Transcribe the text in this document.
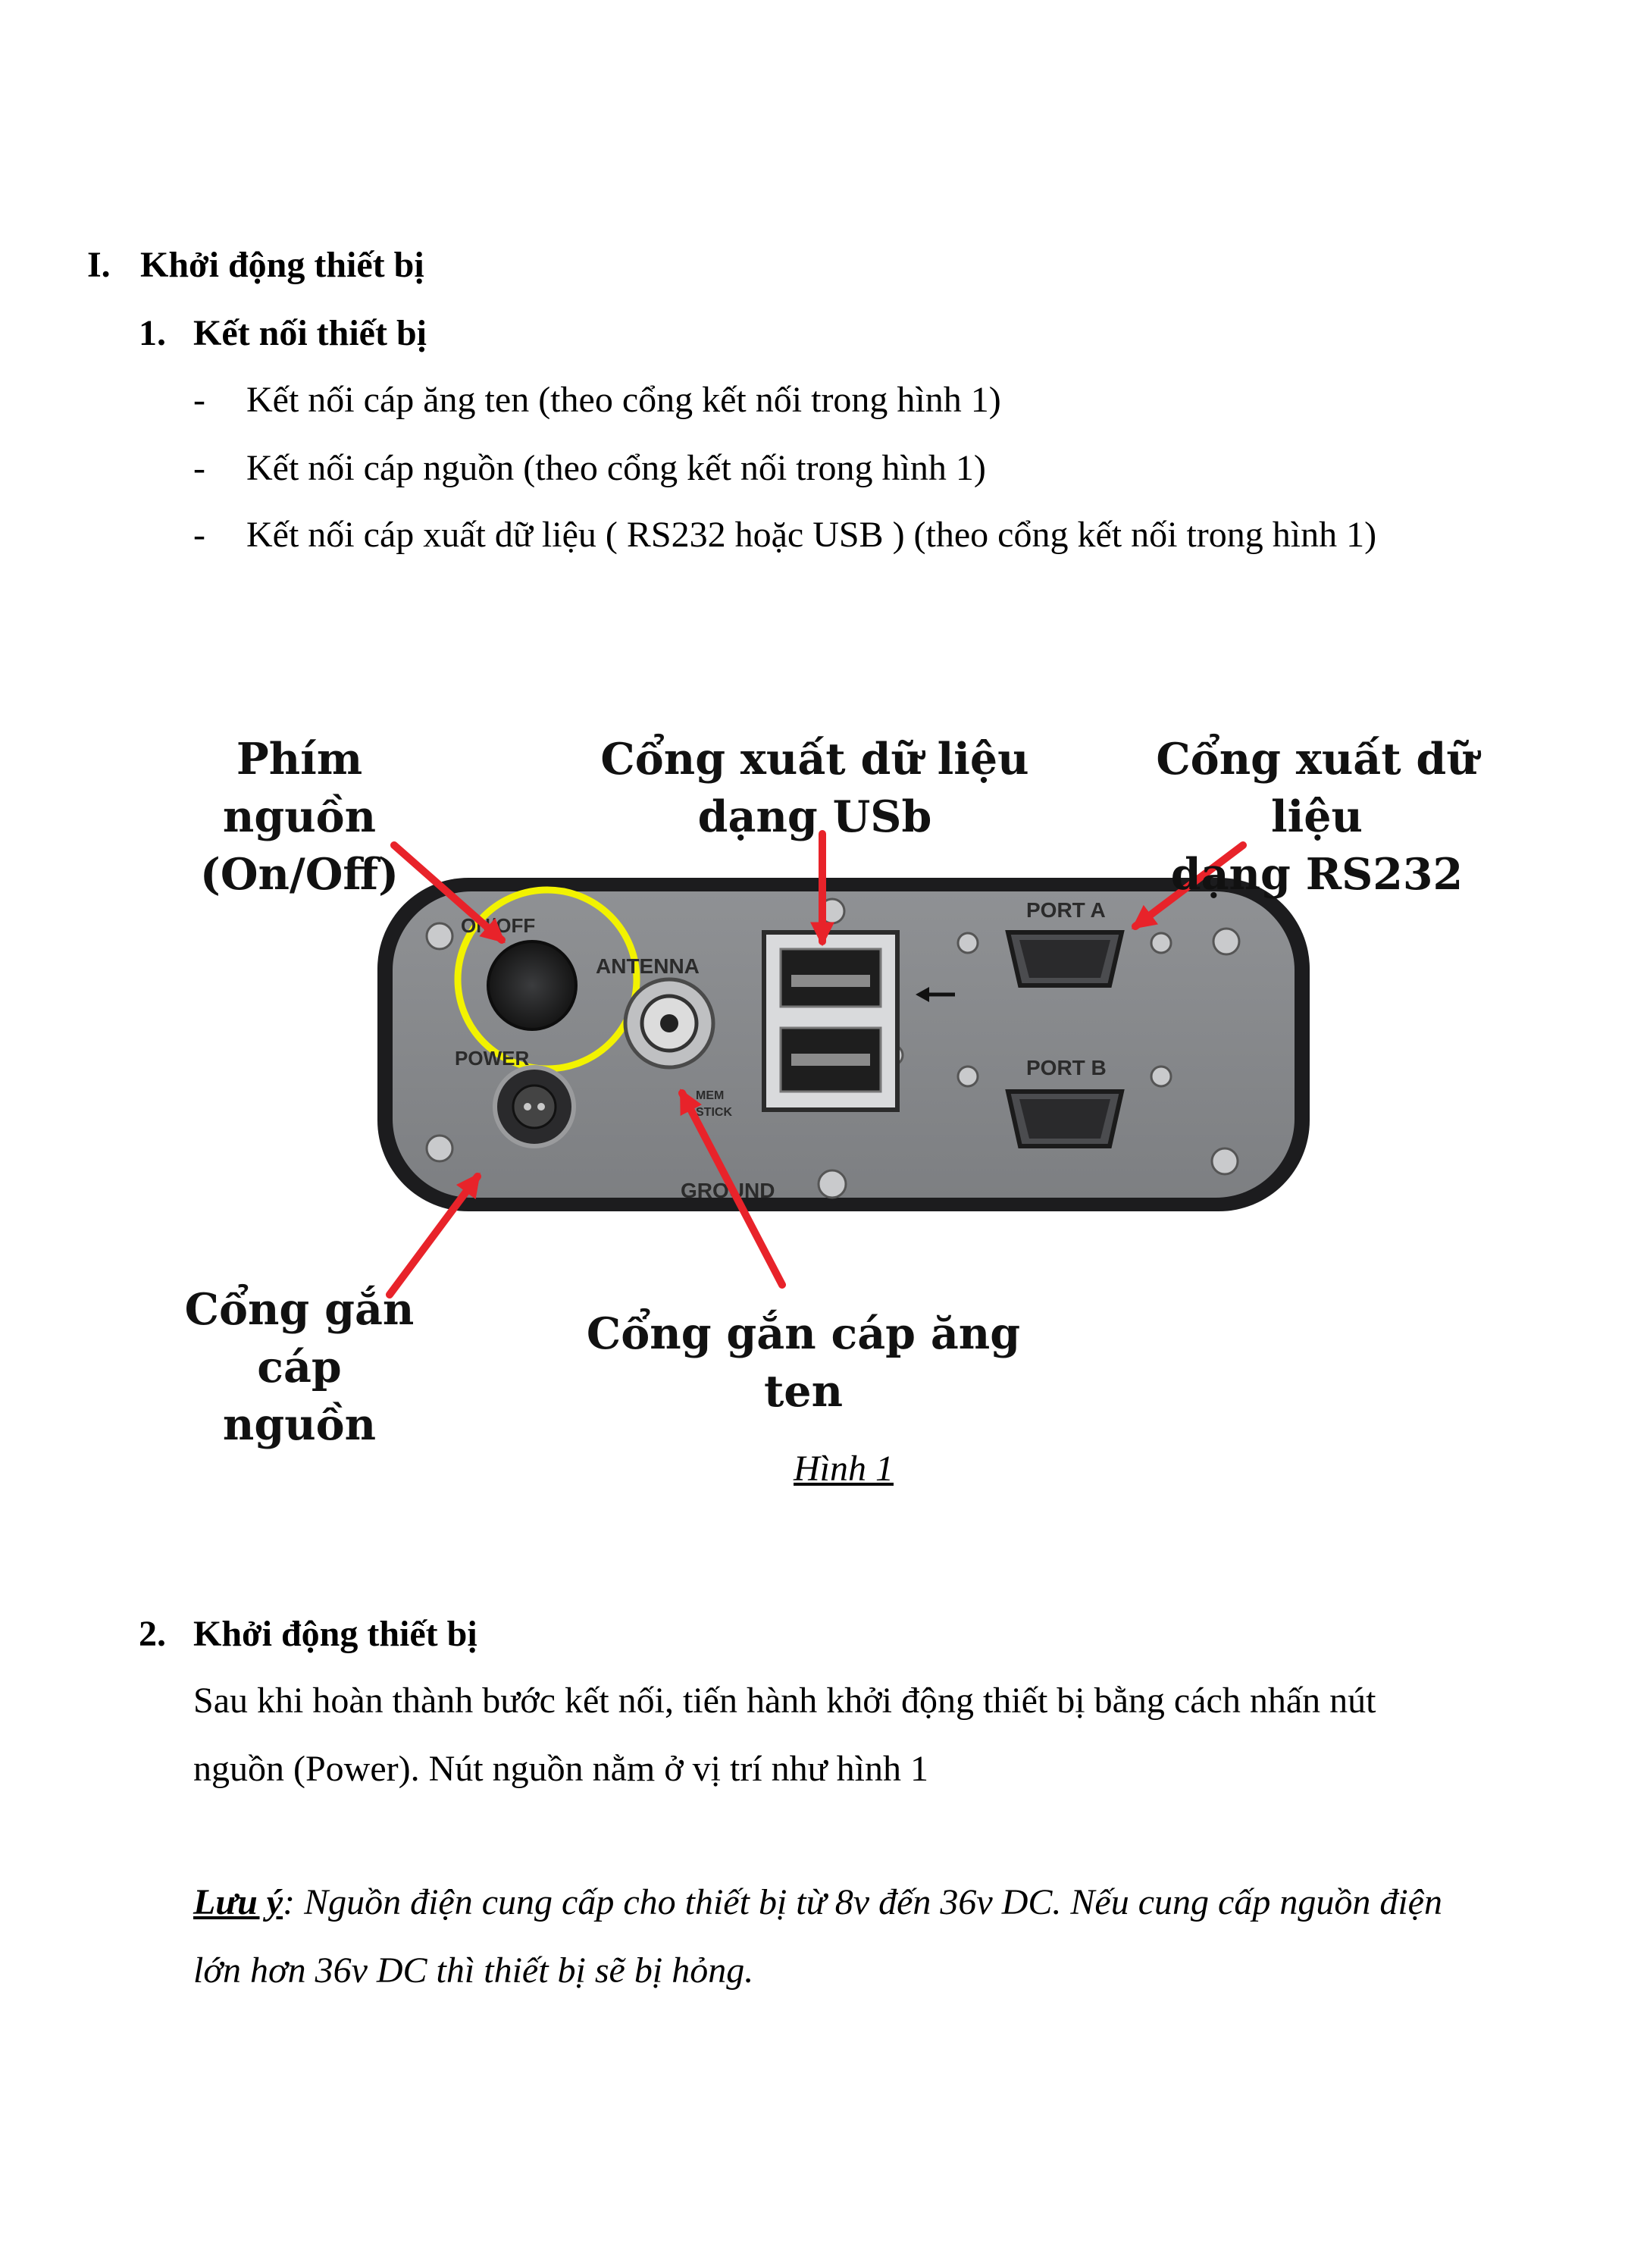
I. Khởi động thiết bị
1. Kết nối thiết bị
- Kết nối cáp ăng ten (theo cổng kết nối trong hình 1)
- Kết nối cáp nguồn (theo cổng kết nối trong hình 1)
- Kết nối cáp xuất dữ liệu ( RS232 hoặc USB ) (theo cổng kết nối trong hình 1)
ON/OFF
POWER
ANTENNA
MEM
STICK
GROUND
PORT A
PORT B
Phím nguồn
(On/Off)
Cổng xuất dữ liệu
dạng USb
Cổng xuất dữ liệu
dạng RS232
Cổng gắn
cáp nguồn
Cổng gắn cáp ăng ten
Hình 1
2. Khởi động thiết bị
Sau khi hoàn thành bước kết nối, tiến hành khởi động thiết bị bằng cách nhấn nút
nguồn (Power). Nút nguồn nằm ở vị trí như hình 1
Lưu ý: Nguồn điện cung cấp cho thiết bị từ 8v đến 36v DC. Nếu cung cấp nguồn điện
lớn hơn 36v DC thì thiết bị sẽ bị hỏng.
